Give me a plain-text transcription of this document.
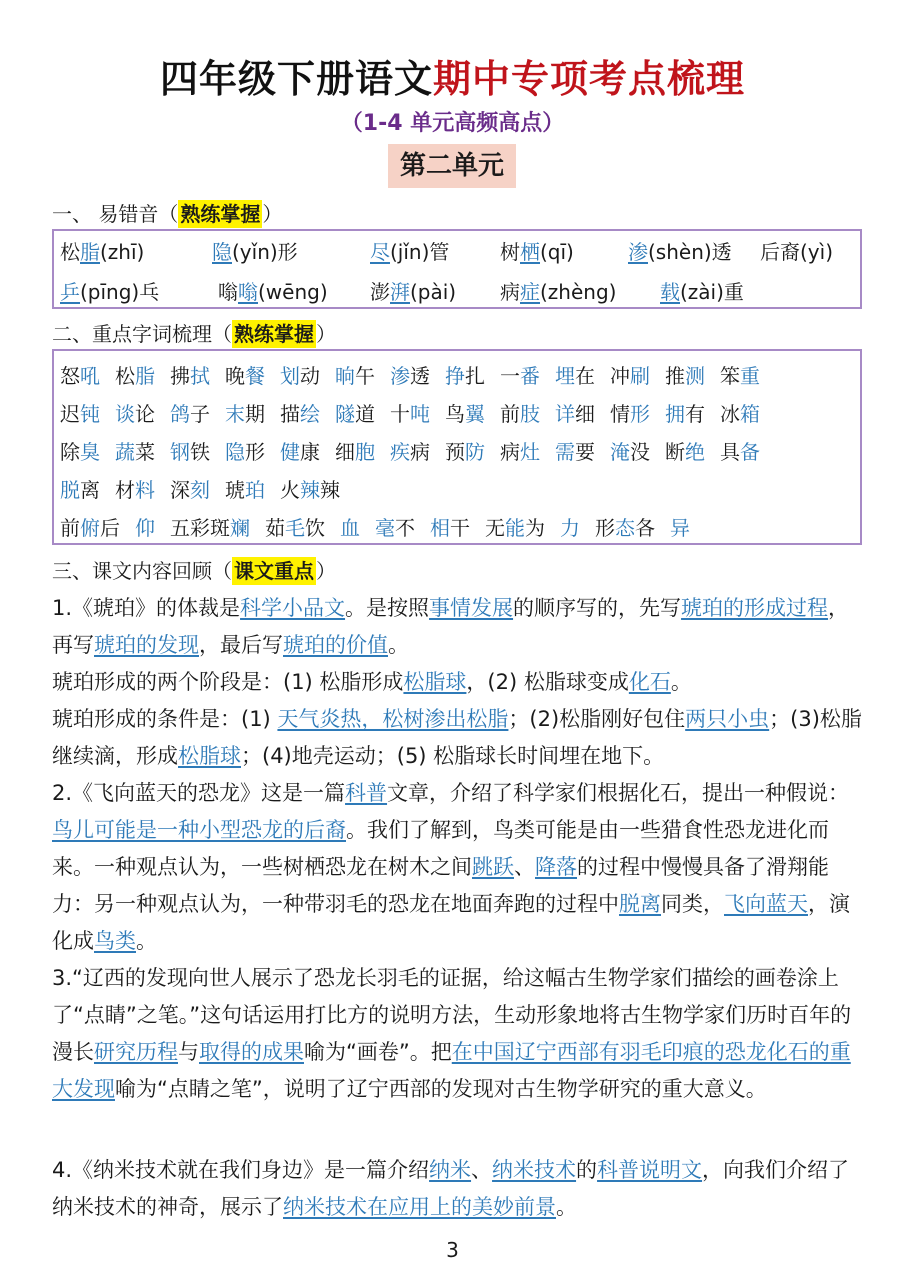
四年级下册语文期中专项考点梳理
（1-4 单元高频高点）
第二单元
一、 易错音（ 熟练掌握 ）
松脂(zhī)	隐(yǐn)形	尽(jǐn)管	树栖(qī)	渗(shèn)透 后裔(yì)
乒(pīng)乓	嗡嗡(wēng) 澎湃(pài) 病症(zhèng) 载(zài)重
二、重点字词梳理（ 熟练掌握 ）
怒吼 松脂 拂拭 晚餐 划动 晌午 渗透 挣扎 一番 埋在 冲刷 推测 笨重
迟钝 谈论 鸽子 末期 描绘 隧道 十吨 鸟翼 前肢 详细 情形 拥有 冰箱
除臭 蔬菜 钢铁 隐形 健康 细胞 疾病 预防 病灶 需要 淹没 断绝 具备
脱离 材料 深刻 琥珀 火辣辣
前俯后 仰 五彩斑斓 茹毛饮 血 毫不 相干 无能为 力 形态各 异
三、课文内容回顾（ 课文重点 ）
1.《琥珀》的体裁是科学小品文。是按照事情发展的顺序写的，先写琥珀的形成过程，再写琥珀的发现，最后写琥珀的价值。
琥珀形成的两个阶段是：(1) 松脂形成松脂球，(2) 松脂球变成化石。
琥珀形成的条件是：(1) 天气炎热，松树渗出松脂；(2)松脂刚好包住两只小虫；(3)松脂继续滴，形成松脂球；(4)地壳运动；(5) 松脂球长时间埋在地下。
2.《飞向蓝天的恐龙》这是一篇科普文章，介绍了科学家们根据化石，提出一种假说：鸟儿可能是一种小型恐龙的后裔。我们了解到，鸟类可能是由一些猎食性恐龙进化而来。一种观点认为，一些树栖恐龙在树木之间跳跃、降落的过程中慢慢具备了滑翔能力：另一种观点认为，一种带羽毛的恐龙在地面奔跑的过程中脱离同类，飞向蓝天，演化成鸟类。
3.“辽西的发现向世人展示了恐龙长羽毛的证据，给这幅古生物学家们描绘的画卷涂上了“点睛”之笔。”这句话运用打比方的说明方法，生动形象地将古生物学家们历时百年的漫长研究历程与取得的成果喻为“画卷”。把在中国辽宁西部有羽毛印痕的恐龙化石的重大发现喻为“点睛之笔”，说明了辽宁西部的发现对古生物学研究的重大意义。
4.《纳米技术就在我们身边》是一篇介绍纳米、纳米技术的科普说明文，向我们介绍了纳米技术的神奇，展示了纳米技术在应用上的美妙前景。
3
